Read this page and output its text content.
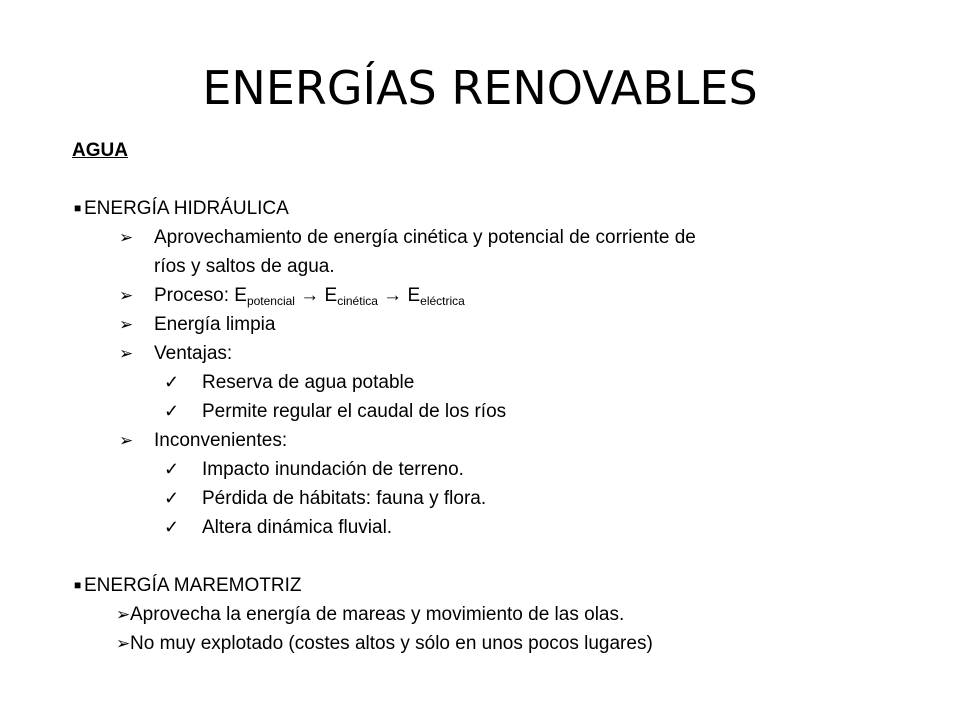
ENERGÍAS RENOVABLES
AGUA
■ ENERGÍA HIDRÁULICA
➢ Aprovechamiento de energía cinética y potencial de corriente de
ríos y saltos de agua.
➢ Proceso: $E_{potencial} \to E_{cinética} \to E_{eléctrica}$
➢ Energía limpia
➢ Ventajas:
✓ Reserva de agua potable
✓ Permite regular el caudal de los ríos
➢ Inconvenientes:
✓ Impacto inundación de terreno.
✓ Pérdida de hábitats: fauna y flora.
✓ Altera dinámica fluvial.
■ ENERGÍA MAREMOTRIZ
➢ Aprovecha la energía de mareas y movimiento de las olas.
➢ No muy explotado (costes altos y sólo en unos pocos lugares)
